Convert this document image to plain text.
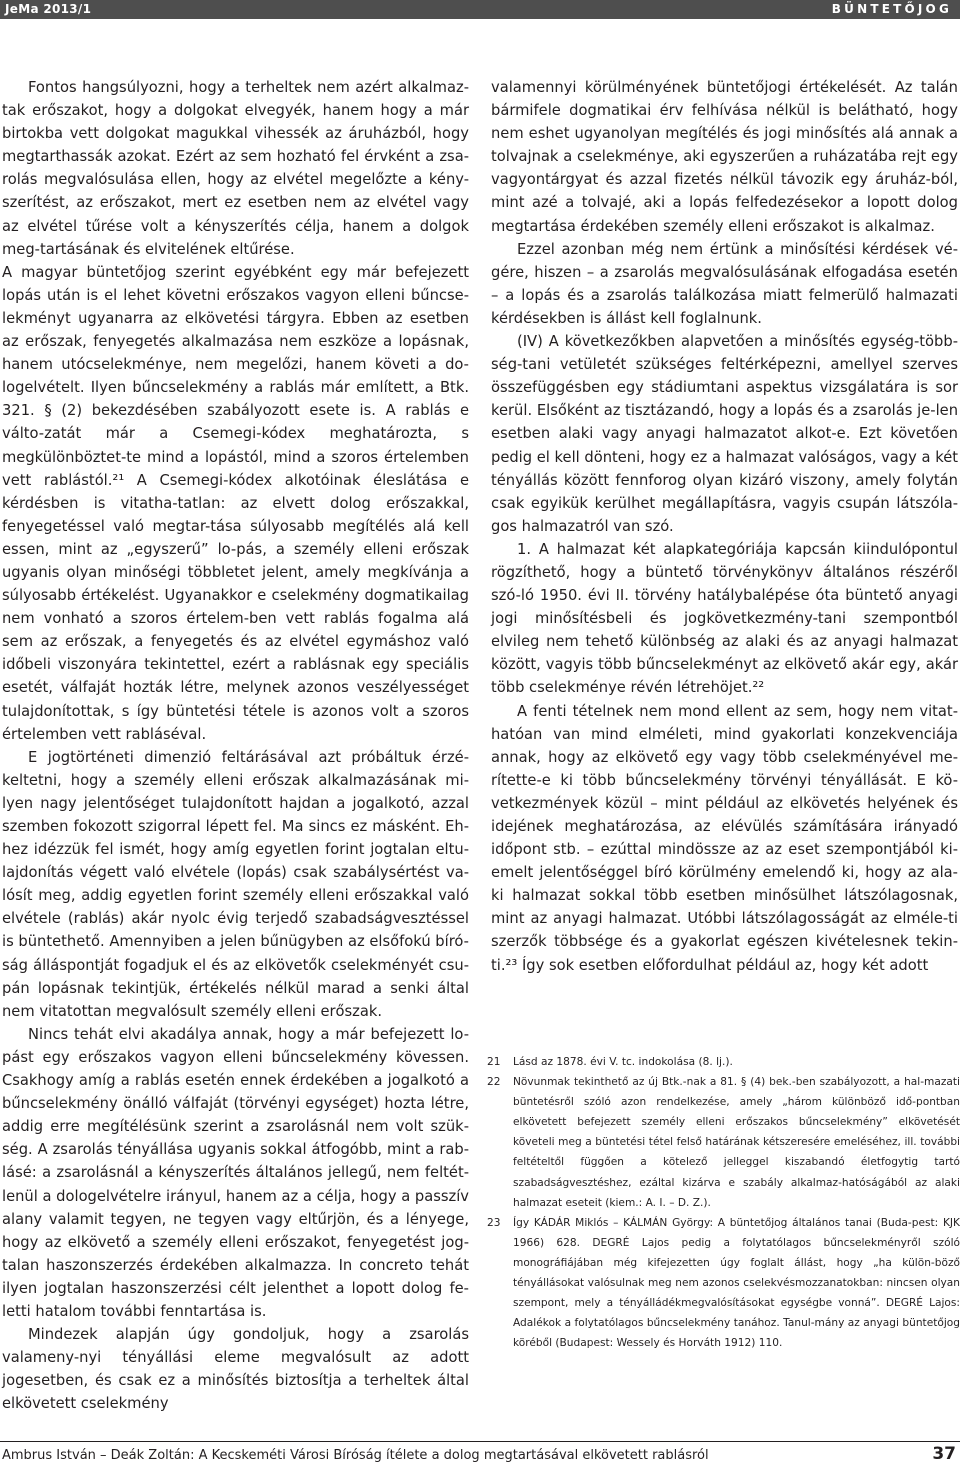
JeMa 2013/1	BÜNTETŐJOG

Fontos hangsúlyozni, hogy a terheltek nem azért alkalmaz-tak erőszakot, hogy a dolgokat elvegyék, hanem hogy a már birtokba vett dolgokat magukkal vihessék az áruházból, hogy megtarthassák azokat. Ezért az sem hozható fel érvként a zsa-rolás megvalósulása ellen, hogy az elvétel megelőzte a kény-szerítést, az erőszakot, mert ez esetben nem az elvétel vagy az elvétel tűrése volt a kényszerítés célja, hanem a dolgok meg-tartásának és elvitelének eltűrése.

A magyar büntetőjog szerint egyébként egy már befejezett lopás után is el lehet követni erőszakos vagyon elleni bűncse-lekményt ugyanarra az elkövetési tárgyra. Ebben az esetben az erőszak, fenyegetés alkalmazása nem eszköze a lopásnak, hanem utócselekménye, nem megelőzi, hanem követi a do-logelvételt. Ilyen bűncselekmény a rablás már említett, a Btk. 321. § (2) bekezdésében szabályozott esete is. A rablás e válto-zatát már a Csemegi-kódex meghatározta, s megkülönböztet-te mind a lopástól, mind a szoros értelemben vett rablástól.²¹ A Csemegi-kódex alkotóinak éleslátása e kérdésben is vitatha-tatlan: az elvett dolog erőszakkal, fenyegetéssel való megtar-tása súlyosabb megítélés alá kell essen, mint az „egyszerű” lo-pás, a személy elleni erőszak ugyanis olyan minőségi többletet jelent, amely megkívánja a súlyosabb értékelést. Ugyanakkor e cselekmény dogmatikailag nem vonható a szoros értelem-ben vett rablás fogalma alá sem az erőszak, a fenyegetés és az elvétel egymáshoz való időbeli viszonyára tekintettel, ezért a rablásnak egy speciális esetét, válfaját hozták létre, melynek azonos veszélyességet tulajdonítottak, s így büntetési tétele is azonos volt a szoros értelemben vett rabláséval.

E jogtörténeti dimenzió feltárásával azt próbáltuk érzé-keltetni, hogy a személy elleni erőszak alkalmazásának mi-lyen nagy jelentőséget tulajdonított hajdan a jogalkotó, azzal szemben fokozott szigorral lépett fel. Ma sincs ez másként. Eh-hez idézzük fel ismét, hogy amíg egyetlen forint jogtalan eltu-lajdonítás végett való elvétele (lopás) csak szabálysértést va-lósít meg, addig egyetlen forint személy elleni erőszakkal való elvétele (rablás) akár nyolc évig terjedő szabadságvesztéssel is büntethető. Amennyiben a jelen bűnügyben az elsőfokú bíró-ság álláspontját fogadjuk el és az elkövetők cselekményét csu-pán lopásnak tekintjük, értékelés nélkül marad a senki által nem vitatottan megvalósult személy elleni erőszak.

Nincs tehát elvi akadálya annak, hogy a már befejezett lo-pást egy erőszakos vagyon elleni bűncselekmény kövessen. Csakhogy amíg a rablás esetén ennek érdekében a jogalkotó a bűncselekmény önálló válfaját (törvényi egységet) hozta létre, addig erre megítélésünk szerint a zsarolásnál nem volt szük-ség. A zsarolás tényállása ugyanis sokkal átfogóbb, mint a rab-lásé: a zsarolásnál a kényszerítés általános jellegű, nem feltét-lenül a dologelvételre irányul, hanem az a célja, hogy a passzív alany valamit tegyen, ne tegyen vagy eltűrjön, és a lényege, hogy az elkövető a személy elleni erőszakot, fenyegetést jog-talan haszonszerzés érdekében alkalmazza. In concreto tehát ilyen jogtalan haszonszerzési célt jelenthet a lopott dolog fe-letti hatalom további fenntartása is.

Mindezek alapján úgy gondoljuk, hogy a zsarolás valameny-nyi tényállási eleme megvalósult az adott jogesetben, és csak ez a minősítés biztosítja a terheltek által elkövetett cselekmény

valamennyi körülményének büntetőjogi értékelését. Az talán bármifele dogmatikai érv felhívása nélkül is belátható, hogy nem eshet ugyanolyan megítélés és jogi minősítés alá annak a tolvajnak a cselekménye, aki egyszerűen a ruházatába rejt egy vagyontárgyat és azzal fizetés nélkül távozik egy áruház-ból, mint azé a tolvajé, aki a lopás felfedezésekor a lopott dolog megtartása érdekében személy elleni erőszakot is alkalmaz.

Ezzel azonban még nem értünk a minősítési kérdések vé-gére, hiszen – a zsarolás megvalósulásának elfogadása esetén – a lopás és a zsarolás találkozása miatt felmerülő halmazati kérdésekben is állást kell foglalnunk.

(IV) A következőkben alapvetően a minősítés egység-több-ség-tani vetületét szükséges feltérképezni, amellyel szerves összefüggésben egy stádiumtani aspektus vizsgálatára is sor kerül. Elsőként az tisztázandó, hogy a lopás és a zsarolás je-len esetben alaki vagy anyagi halmazatot alkot-e. Ezt követően pedig el kell dönteni, hogy ez a halmazat valóságos, vagy a két tényállás között fennforog olyan kizáró viszony, amely folytán csak egyikük kerülhet megállapításra, vagyis csupán látszóla-gos halmazatról van szó.

1. A halmazat két alapkategóriája kapcsán kiindulópontul rögzíthető, hogy a büntető törvénykönyv általános részéről szó-ló 1950. évi II. törvény hatálybalépése óta büntető anyagi jogi minősítésbeli és jogkövetkezmény-tani szempontból elvileg nem tehető különbség az alaki és az anyagi halmazat között, vagyis több bűncselekményt az elkövető akár egy, akár több cselekménye révén létrehöjet.²²

A fenti tételnek nem mond ellent az sem, hogy nem vitat-hatóan van mind elméleti, mind gyakorlati konzekvenciája annak, hogy az elkövető egy vagy több cselekményével me-rítette-e ki több bűncselekmény törvényi tényállását. E kö-vetkezmények közül – mint például az elkövetés helyének és idejének meghatározása, az elévülés számítására irányadó időpont stb. – ezúttal mindössze az az eset szempontjából ki-emelt jelentőséggel bíró körülmény emelendő ki, hogy az ala-ki halmazat sokkal több esetben minősülhet látszólagosnak, mint az anyagi halmazat. Utóbbi látszólagosságát az elméle-ti szerzők többsége és a gyakorlat egészen kivételesnek tekin-ti.²³ Így sok esetben előfordulhat például az, hogy két adott

21 Lásd az 1878. évi V. tc. indokolása (8. lj.).

22 Növunmak tekinthető az új Btk.-nak a 81. § (4) bek.-ben szabályozott, a hal-mazati büntetésről szóló azon rendelkezése, amely „három különböző idő-pontban elkövetett befejezett személy elleni erőszakos bűncselekmény” elkövetését követeli meg a büntetési tétel felső határának kétszeresére emeléséhez, ill. további feltételtől függően a kötelező jelleggel kiszabandó életfogytig tartó szabadságvesztéshez, ezáltal kizárva e szabály alkalmaz-hatóságából az alaki halmazat eseteit (kiem.: A. I. – D. Z.).

23 Így KÁDÁR Miklós – KÁLMÁN György: A büntetőjog általános tanai (Buda-pest: KJK 1966) 628. DEGRÉ Lajos pedig a folytatólagos bűncselekményről szóló monográfiájában még kifejezetten úgy foglalt állást, hogy „ha külön-böző tényállásokat valósulnak meg nem azonos cselekvésmozzanatokban: nincsen olyan szempont, mely a tényálládékmegvalósításokat egységbe vonná”. DEGRÉ Lajos: Adalékok a folytatólagos bűncselekmény tanához. Tanul-mány az anyagi büntetőjog köréből (Budapest: Wessely és Horváth 1912) 110.

Ambrus István – Deák Zoltán: A Kecskeméti Városi Bíróság ítélete a dolog megtartásával elkövetett rablásról	37
